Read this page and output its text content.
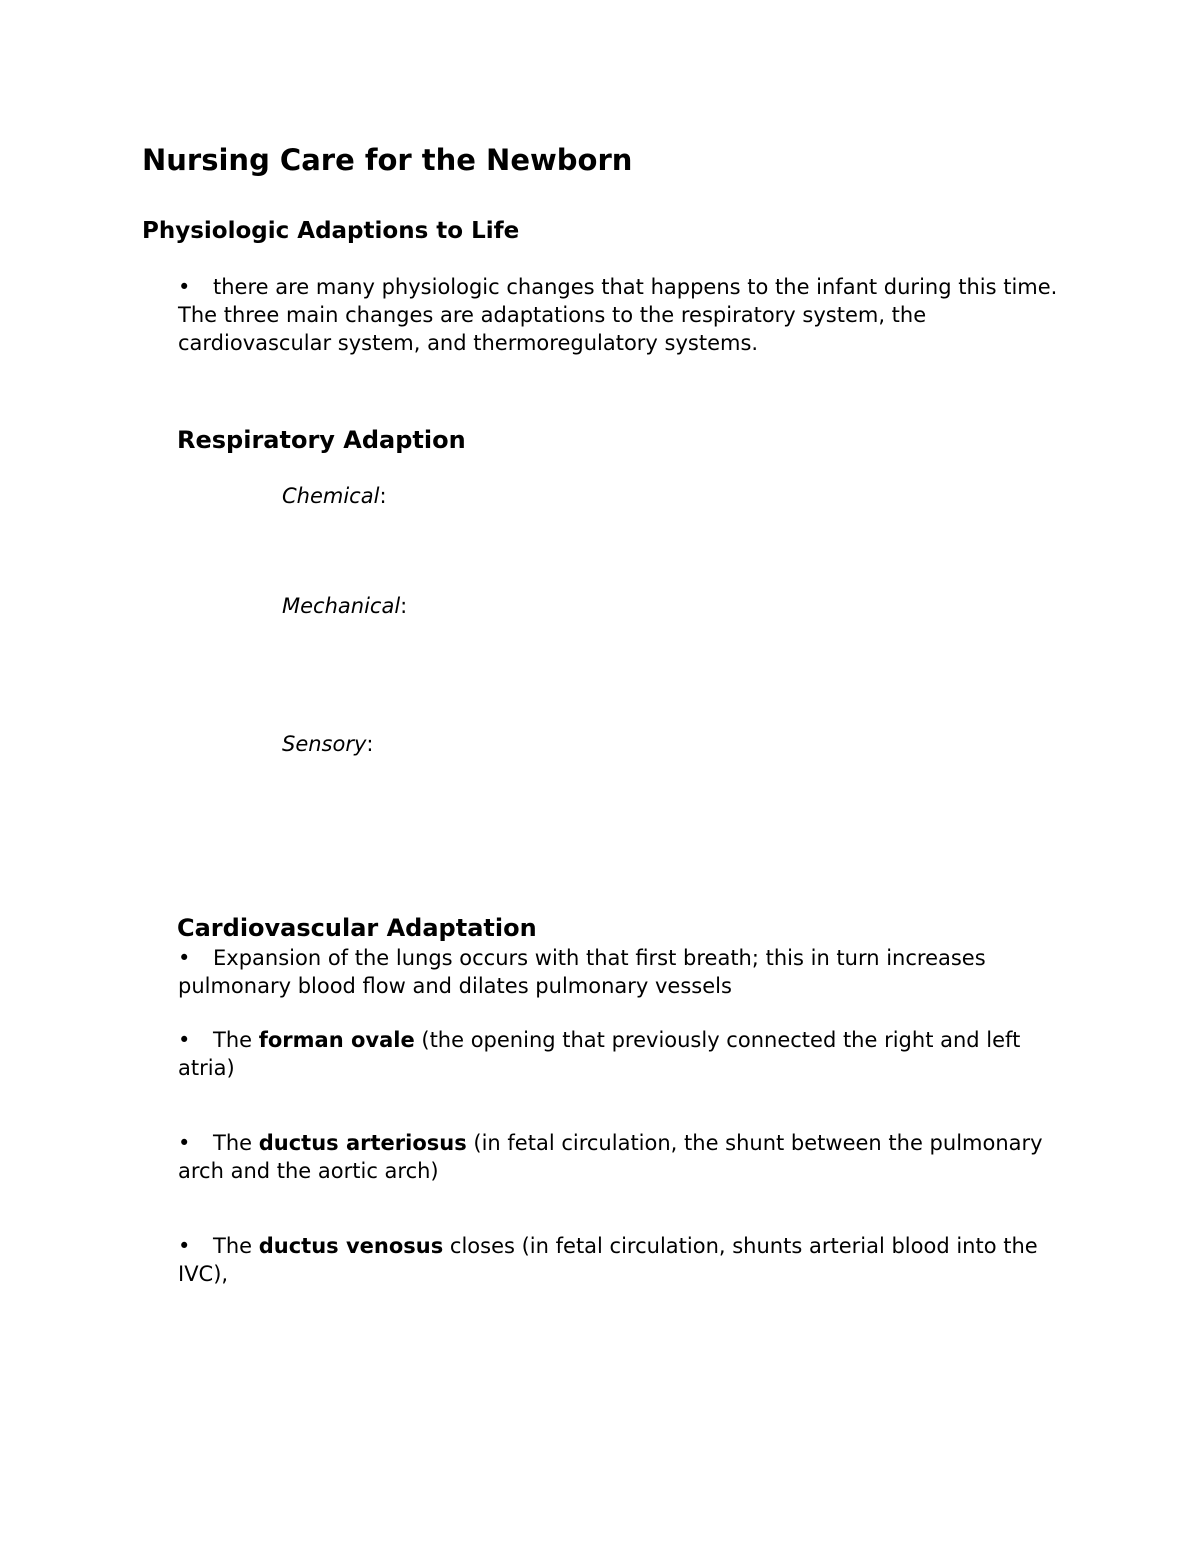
Nursing Care for the Newborn
Physiologic Adaptions to Life

• there are many physiologic changes that happens to the infant during this time. The three main changes are adaptations to the respiratory system, the cardiovascular system, and thermoregulatory systems.

Respiratory Adaption

Chemical:

Mechanical:

Sensory:

Cardiovascular Adaptation

• Expansion of the lungs occurs with that first breath; this in turn increases pulmonary blood flow and dilates pulmonary vessels

• The forman ovale (the opening that previously connected the right and left atria)

• The ductus arteriosus (in fetal circulation, the shunt between the pulmonary arch and the aortic arch)

• The ductus venosus closes (in fetal circulation, shunts arterial blood into the IVC),
